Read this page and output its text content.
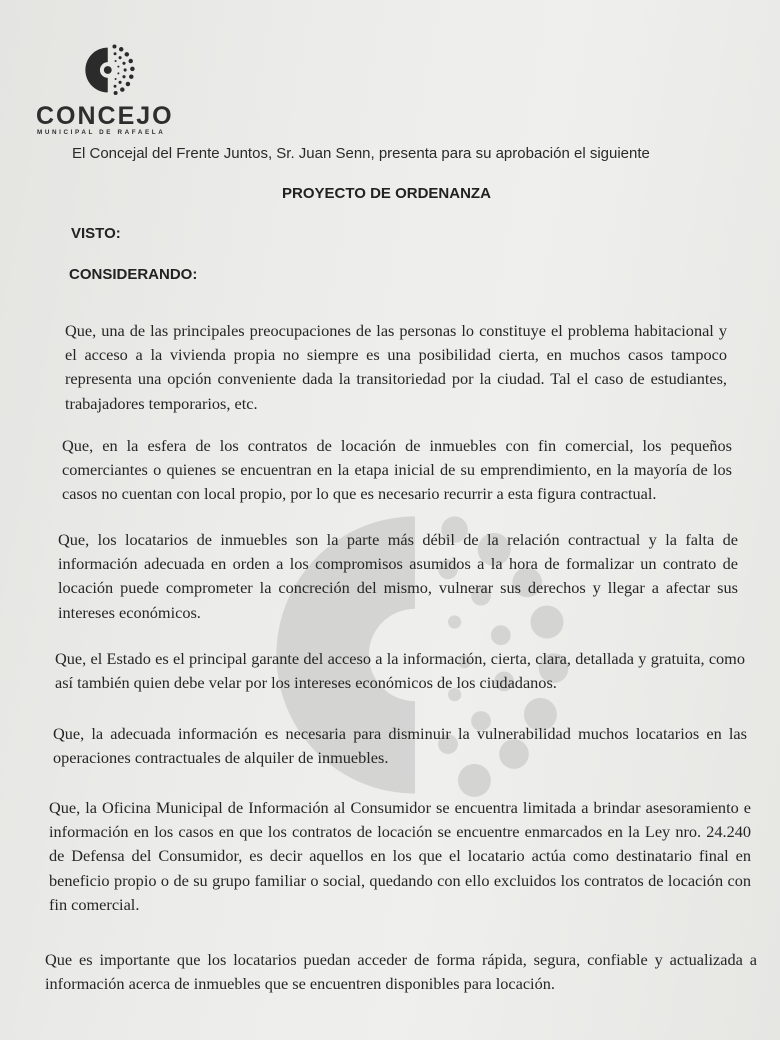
CONCEJO
MUNICIPAL DE RAFAELA
El Concejal del Frente Juntos, Sr. Juan Senn, presenta para su aprobación el siguiente
PROYECTO DE ORDENANZA
VISTO:
CONSIDERANDO:
Que, una de las principales preocupaciones de las personas lo constituye el problema habitacional y el acceso a la vivienda propia no siempre es una posibilidad cierta, en muchos casos tampoco representa una opción conveniente dada la transitoriedad por la ciudad. Tal el caso de estudiantes, trabajadores temporarios, etc.
Que, en la esfera de los contratos de locación de inmuebles con fin comercial, los pequeños comerciantes o quienes se encuentran en la etapa inicial de su emprendimiento, en la mayoría de los casos no cuentan con local propio, por lo que es necesario recurrir a esta figura contractual.
Que, los locatarios de inmuebles son la parte más débil de la relación contractual y la falta de información adecuada en orden a los compromisos asumidos a la hora de formalizar un contrato de locación puede comprometer la concreción del mismo, vulnerar sus derechos y llegar a afectar sus intereses económicos.
Que, el Estado es el principal garante del acceso a la información, cierta, clara, detallada y gratuita, como así también quien debe velar por los intereses económicos de los ciudadanos.
Que, la adecuada información es necesaria para disminuir la vulnerabilidad muchos locatarios en las operaciones contractuales de alquiler de inmuebles.
Que, la Oficina Municipal de Información al Consumidor se encuentra limitada a brindar asesoramiento e información en los casos en que los contratos de locación se encuentre enmarcados en la Ley nro. 24.240 de Defensa del Consumidor, es decir aquellos en los que el locatario actúa como destinatario final en beneficio propio o de su grupo familiar o social, quedando con ello excluidos los contratos de locación con fin comercial.
Que es importante que los locatarios puedan acceder de forma rápida, segura, confiable y actualizada a información acerca de inmuebles que se encuentren disponibles para locación.
